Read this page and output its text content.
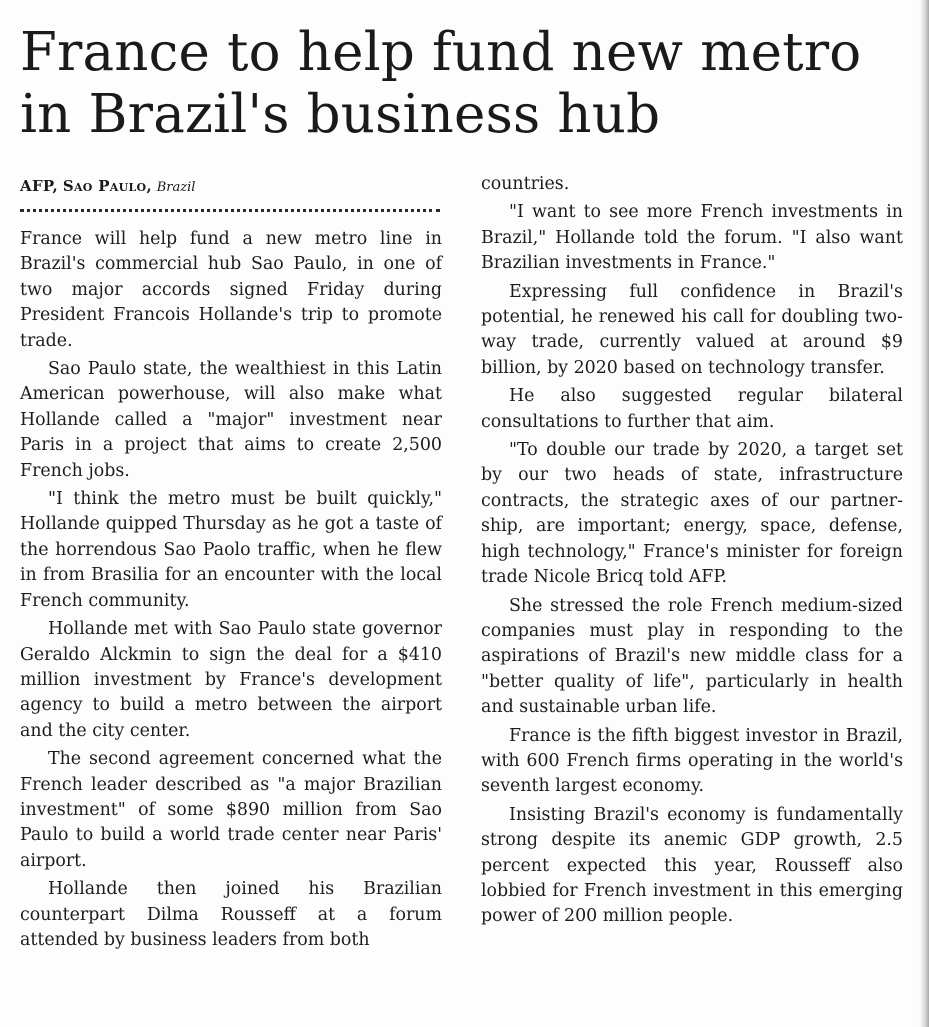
France to help fund new metro in Brazil's business hub
AFP, Sao Paulo, Brazil

France will help fund a new metro line in Brazil's commercial hub Sao Paulo, in one of two major accords signed Friday during President Francois Hollande's trip to promote trade.

Sao Paulo state, the wealthiest in this Latin American powerhouse, will also make what Hollande called a "major" investment near Paris in a project that aims to create 2,500 French jobs.

"I think the metro must be built quickly," Hollande quipped Thursday as he got a taste of the horrendous Sao Paolo traffic, when he flew in from Brasilia for an encounter with the local French community.

Hollande met with Sao Paulo state governor Geraldo Alckmin to sign the deal for a $410 million investment by France's development agency to build a metro between the airport and the city center.

The second agreement concerned what the French leader described as "a major Brazilian investment" of some $890 million from Sao Paulo to build a world trade center near Paris' airport.

Hollande then joined his Brazilian counterpart Dilma Rousseff at a forum attended by business leaders from both

countries.

"I want to see more French investments in Brazil," Hollande told the forum. "I also want Brazilian investments in France."

Expressing full confidence in Brazil's potential, he renewed his call for doubling two-way trade, currently valued at around $9 billion, by 2020 based on technology transfer.

He also suggested regular bilateral consultations to further that aim.

"To double our trade by 2020, a target set by our two heads of state, infrastructure contracts, the strategic axes of our partnership, are important; energy, space, defense, high technology," France's minister for foreign trade Nicole Bricq told AFP.

She stressed the role French medium-sized companies must play in responding to the aspirations of Brazil's new middle class for a "better quality of life", particularly in health and sustainable urban life.

France is the fifth biggest investor in Brazil, with 600 French firms operating in the world's seventh largest economy.

Insisting Brazil's economy is fundamentally strong despite its anemic GDP growth, 2.5 percent expected this year, Rousseff also lobbied for French investment in this emerging power of 200 million people.
